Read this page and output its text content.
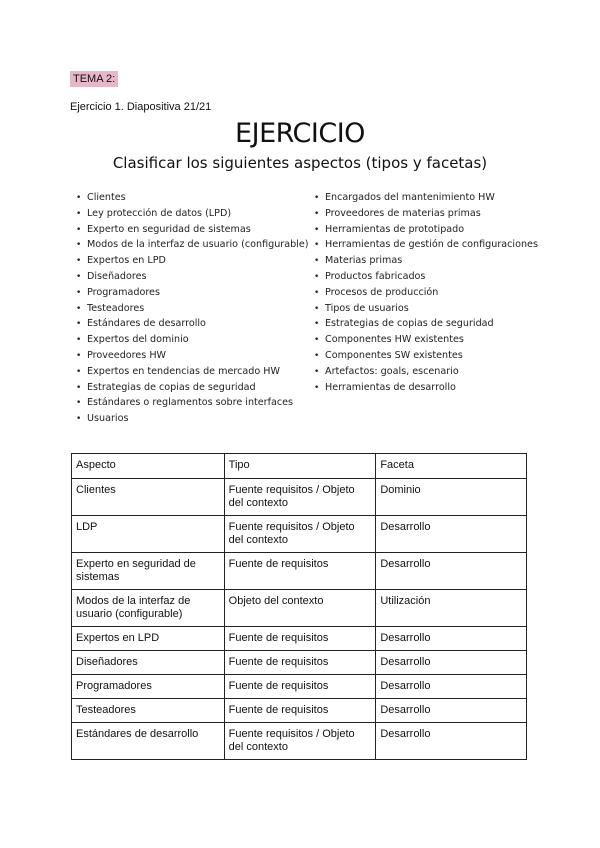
TEMA 2:
Ejercicio 1. Diapositiva 21/21
EJERCICIO
Clasificar los siguientes aspectos (tipos y facetas)
• Clientes
• Ley protección de datos (LPD)
• Experto en seguridad de sistemas
• Modos de la interfaz de usuario (configurable)
• Expertos en LPD
• Diseñadores
• Programadores
• Testeadores
• Estándares de desarrollo
• Expertos del dominio
• Proveedores HW
• Expertos en tendencias de mercado HW
• Estrategias de copias de seguridad
• Estándares o reglamentos sobre interfaces
• Usuarios
• Encargados del mantenimiento HW
• Proveedores de materias primas
• Herramientas de prototipado
• Herramientas de gestión de configuraciones
• Materias primas
• Productos fabricados
• Procesos de producción
• Tipos de usuarios
• Estrategias de copias de seguridad
• Componentes HW existentes
• Componentes SW existentes
• Artefactos: goals, escenario
• Herramientas de desarrollo
Aspecto	Tipo	Faceta
Clientes	Fuente requisitos / Objeto del contexto	Dominio
LDP	Fuente requisitos / Objeto del contexto	Desarrollo
Experto en seguridad de sistemas	Fuente de requisitos	Desarrollo
Modos de la interfaz de usuario (configurable)	Objeto del contexto	Utilización
Expertos en LPD	Fuente de requisitos	Desarrollo
Diseñadores	Fuente de requisitos	Desarrollo
Programadores	Fuente de requisitos	Desarrollo
Testeadores	Fuente de requisitos	Desarrollo
Estándares de desarrollo	Fuente requisitos / Objeto del contexto	Desarrollo
